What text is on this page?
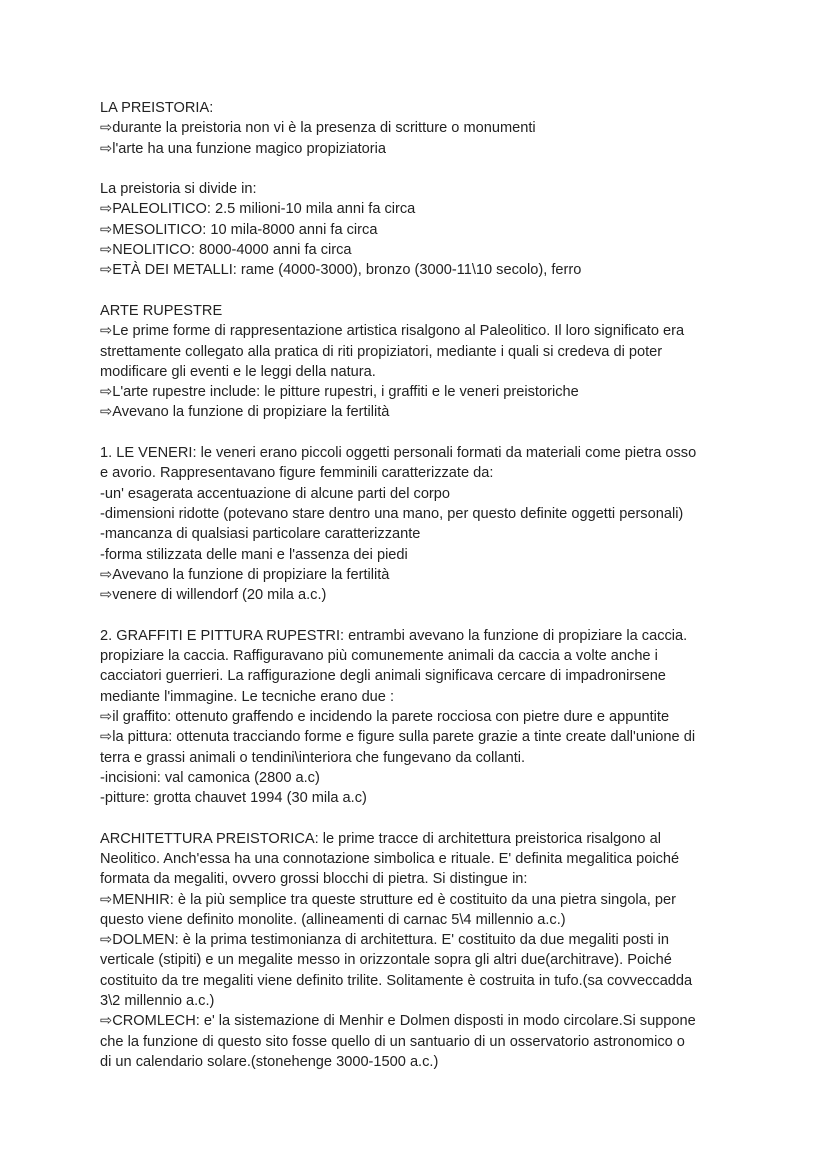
LA PREISTORIA:
⇨durante la preistoria non vi è la presenza di scritture o monumenti
⇨l'arte ha una funzione magico propiziatoria
La preistoria si divide in:
⇨PALEOLITICO: 2.5 milioni-10 mila anni fa circa
⇨MESOLITICO: 10 mila-8000 anni fa circa
⇨NEOLITICO: 8000-4000 anni fa circa
⇨ETÀ DEI METALLI: rame (4000-3000), bronzo (3000-11\10 secolo), ferro
ARTE RUPESTRE
⇨Le prime forme di rappresentazione artistica risalgono al Paleolitico. Il loro significato era
strettamente collegato alla pratica di riti propiziatori, mediante i quali si credeva di poter
modificare gli eventi e le leggi della natura.
⇨L'arte rupestre include: le pitture rupestri, i graffiti e le veneri preistoriche
⇨Avevano la funzione di propiziare la fertilità
1. LE VENERI: le veneri erano piccoli oggetti personali formati da materiali come pietra osso
e avorio. Rappresentavano figure femminili caratterizzate da:
-un' esagerata accentuazione di alcune parti del corpo
-dimensioni ridotte (potevano stare dentro una mano, per questo definite oggetti personali)
-mancanza di qualsiasi particolare caratterizzante
-forma stilizzata delle mani e l'assenza dei piedi
⇨Avevano la funzione di propiziare la fertilità
⇨venere di willendorf (20 mila a.c.)
2. GRAFFITI E PITTURA RUPESTRI: entrambi avevano la funzione di propiziare la caccia.
propiziare la caccia. Raffiguravano più comunemente animali da caccia a volte anche i
cacciatori guerrieri. La raffigurazione degli animali significava cercare di impadronirsene
mediante l'immagine. Le tecniche erano due :
⇨il graffito: ottenuto graffendo e incidendo la parete rocciosa con pietre dure e appuntite
⇨la pittura: ottenuta tracciando forme e figure sulla parete grazie a tinte create dall'unione di
terra e grassi animali o tendini\interiora che fungevano da collanti.
-incisioni: val camonica (2800 a.c)
-pitture: grotta chauvet 1994 (30 mila a.c)
ARCHITETTURA PREISTORICA: le prime tracce di architettura preistorica risalgono al
Neolitico. Anch'essa ha una connotazione simbolica e rituale. E' definita megalitica poiché
formata da megaliti, ovvero grossi blocchi di pietra. Si distingue in:
⇨MENHIR: è la più semplice tra queste strutture ed è costituito da una pietra singola, per
questo viene definito monolite. (allineamenti di carnac 5\4 millennio a.c.)
⇨DOLMEN: è la prima testimonianza di architettura. E' costituito da due megaliti posti in
verticale (stipiti) e un megalite messo in orizzontale sopra gli altri due(architrave). Poiché
costituito da tre megaliti viene definito trilite. Solitamente è costruita in tufo.(sa covveccadda
3\2 millennio a.c.)
⇨CROMLECH: e' la sistemazione di Menhir e Dolmen disposti in modo circolare.Si suppone
che la funzione di questo sito fosse quello di un santuario di un osservatorio astronomico o
di un calendario solare.(stonehenge 3000-1500 a.c.)
